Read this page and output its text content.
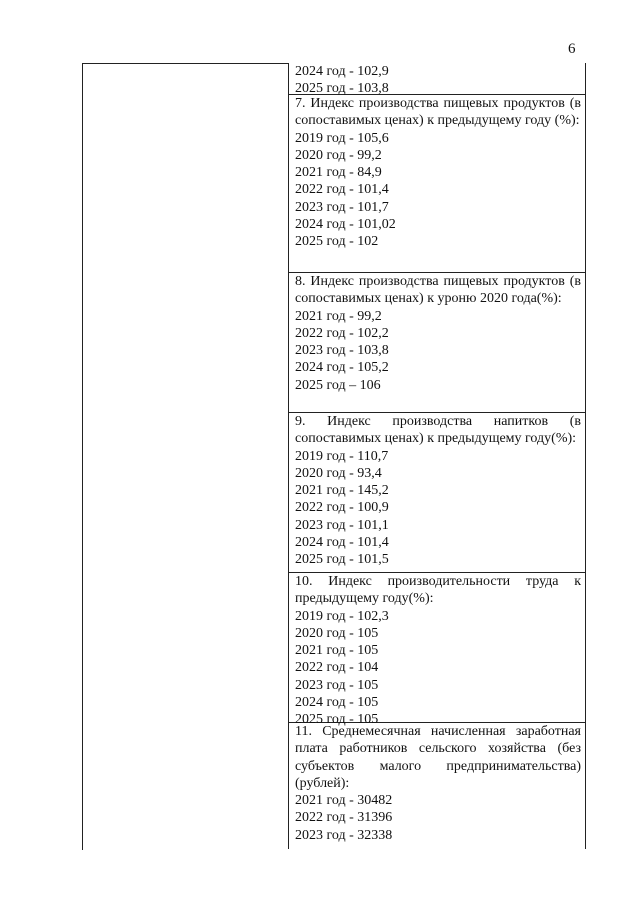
6
2024 год - 102,9
2025 год - 103,8
7. Индекс производства пищевых продуктов (в сопоставимых ценах) к предыдущему году (%):
2019 год - 105,6
2020 год - 99,2
2021 год - 84,9
2022 год - 101,4
2023 год - 101,7
2024 год - 101,02
2025 год - 102
8. Индекс производства пищевых продуктов (в сопоставимых ценах) к уроню 2020 года(%):
2021 год - 99,2
2022 год - 102,2
2023 год - 103,8
2024 год - 105,2
2025 год – 106
9. Индекс производства напитков (в сопоставимых ценах) к предыдущему году(%):
2019 год - 110,7
2020 год - 93,4
2021 год - 145,2
2022 год - 100,9
2023 год - 101,1
2024 год - 101,4
2025 год - 101,5
10. Индекс производительности труда к предыдущему году(%):
2019 год - 102,3
2020 год - 105
2021 год - 105
2022 год - 104
2023 год - 105
2024 год - 105
2025 год - 105
11. Среднемесячная начисленная заработная плата работников сельского хозяйства (без субъектов малого предпринимательства) (рублей):
2021 год - 30482
2022 год - 31396
2023 год - 32338
